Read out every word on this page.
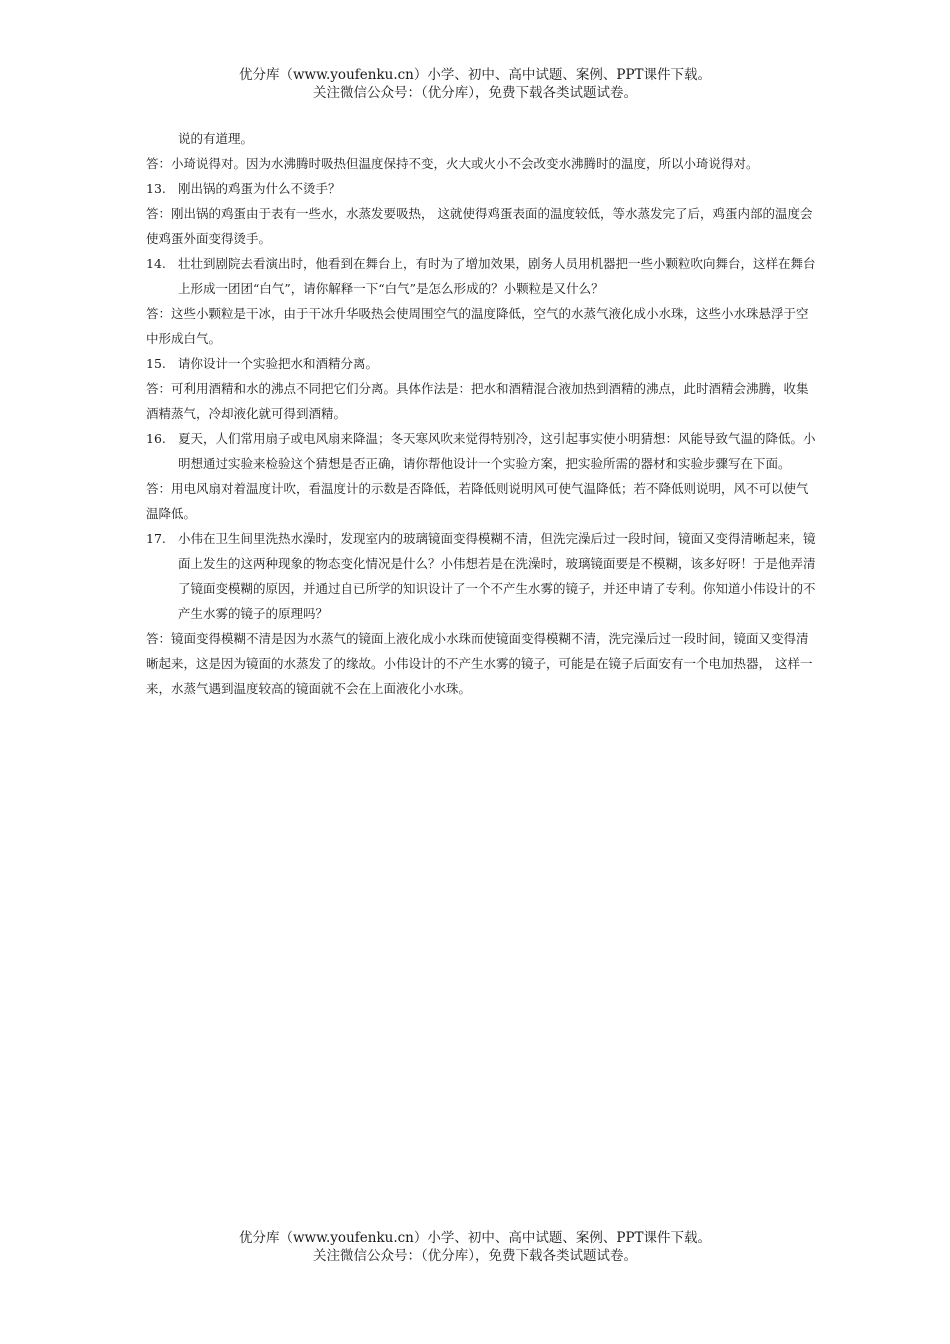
优分库（www.youfenku.cn）小学、初中、高中试题、案例、PPT课件下载。
关注微信公众号：（优分库），免费下载各类试题试卷。

说的有道理。

答：小琦说得对。因为水沸腾时吸热但温度保持不变，火大或火小不会改变水沸腾时的温度，所以小琦说得对。

13. 刚出锅的鸡蛋为什么不烫手？

答：刚出锅的鸡蛋由于表有一些水，水蒸发要吸热， 这就使得鸡蛋表面的温度较低，等水蒸发完了后，鸡蛋内部的温度会使鸡蛋外面变得烫手。

14. 壮壮到剧院去看演出时，他看到在舞台上，有时为了增加效果，剧务人员用机器把一些小颗粒吹向舞台，这样在舞台上形成一团团“白气”，请你解释一下“白气”是怎么形成的？小颗粒是又什么？

答：这些小颗粒是干冰，由于干冰升华吸热会使周围空气的温度降低，空气的水蒸气液化成小水珠，这些小水珠悬浮于空中形成白气。

15. 请你设计一个实验把水和酒精分离。

答：可利用酒精和水的沸点不同把它们分离。具体作法是：把水和酒精混合液加热到酒精的沸点，此时酒精会沸腾，收集酒精蒸气，冷却液化就可得到酒精。

16. 夏天，人们常用扇子或电风扇来降温；冬天寒风吹来觉得特别冷，这引起事实使小明猜想：风能导致气温的降低。小明想通过实验来检验这个猜想是否正确，请你帮他设计一个实验方案，把实验所需的器材和实验步骤写在下面。

答：用电风扇对着温度计吹，看温度计的示数是否降低，若降低则说明风可使气温降低；若不降低则说明，风不可以使气温降低。

17. 小伟在卫生间里洗热水澡时，发现室内的玻璃镜面变得模糊不清，但洗完澡后过一段时间，镜面又变得清晰起来，镜面上发生的这两种现象的物态变化情况是什么？小伟想若是在洗澡时，玻璃镜面要是不模糊，该多好呀！于是他弄清了镜面变模糊的原因，并通过自已所学的知识设计了一个不产生水雾的镜子，并还申请了专利。你知道小伟设计的不产生水雾的镜子的原理吗？

答：镜面变得模糊不清是因为水蒸气的镜面上液化成小水珠而使镜面变得模糊不清，洗完澡后过一段时间，镜面又变得清晰起来，这是因为镜面的水蒸发了的缘故。小伟设计的不产生水雾的镜子，可能是在镜子后面安有一个电加热器， 这样一来，水蒸气遇到温度较高的镜面就不会在上面液化小水珠。

优分库（www.youfenku.cn）小学、初中、高中试题、案例、PPT课件下载。
关注微信公众号：（优分库），免费下载各类试题试卷。
